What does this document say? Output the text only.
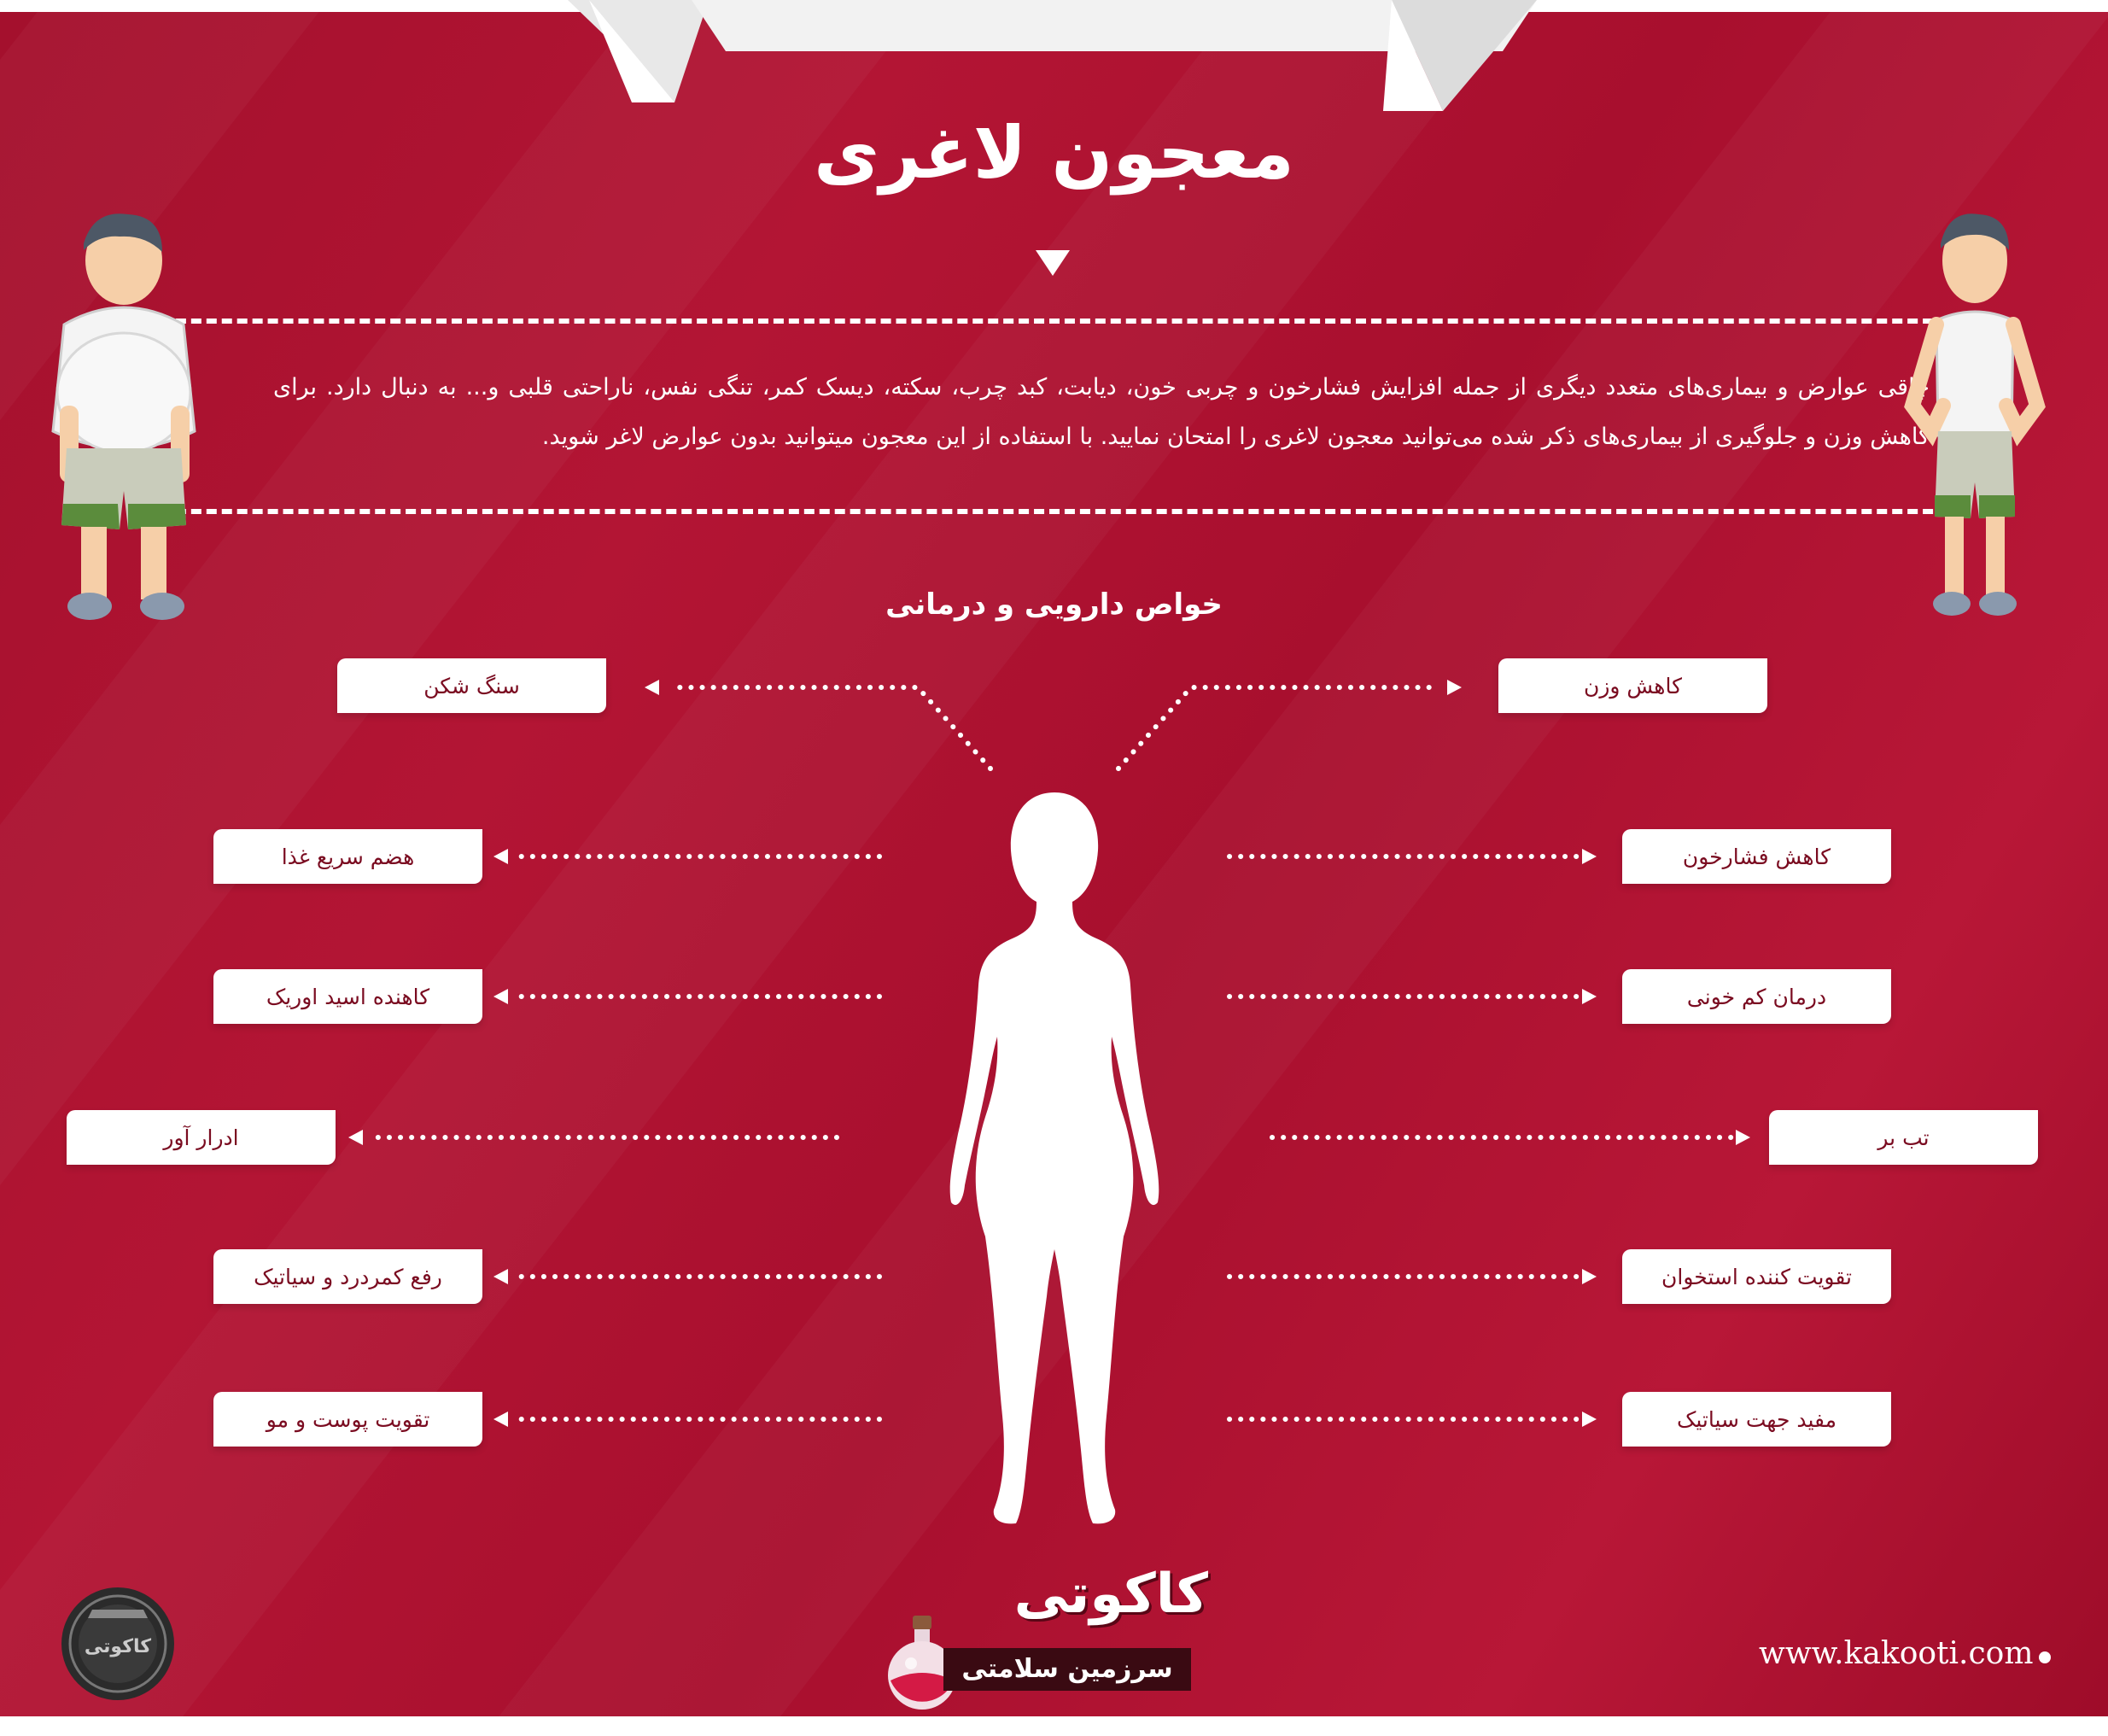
معجون لاغری
چاقی عوارض و بیماری‌های متعدد دیگری از جمله افزایش فشارخون و چربی خون، دیابت، کبد چرب، سکته، دیسک کمر، تنگی نفس، ناراحتی قلبی و... به دنبال دارد. برای کاهش وزن و جلوگیری از بیماری‌های ذکر شده می‌توانید معجون لاغری را امتحان نمایید. با استفاده از این معجون میتوانید بدون عوارض لاغر شوید.
خواص دارویی و درمانی
کاهش وزن
کاهش فشارخون
درمان کم خونی
تب بر
تقویت کننده استخوان
مفید جهت سیاتیک
سنگ شکن
هضم سریع غذا
کاهنده اسید اوریک
ادرار آور
رفع کمردرد و سیاتیک
تقویت پوست و مو
کاکوتی
کاکوتی
سرزمین سلامتی	www.kakooti.com
